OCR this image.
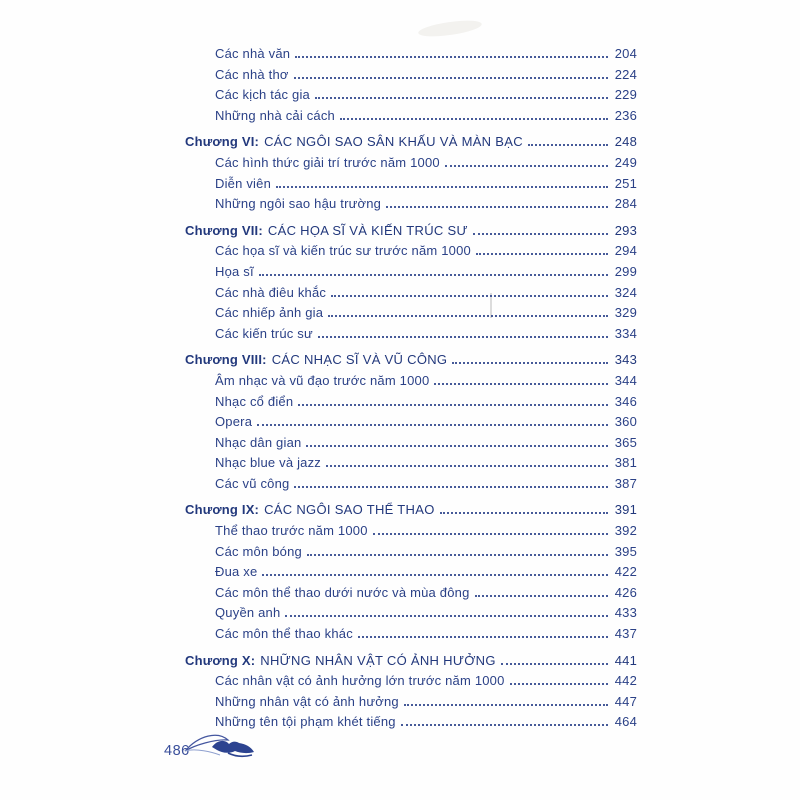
Các nhà văn	204
Các nhà thơ	224
Các kịch tác gia	229
Những nhà cải cách	236
Chương VI: CÁC NGÔI SAO SÂN KHẤU VÀ MÀN BẠC	248
Các hình thức giải trí trước năm 1000	249
Diễn viên	251
Những ngôi sao hậu trường	284
Chương VII: CÁC HỌA SĨ VÀ KIẾN TRÚC SƯ	293
Các họa sĩ và kiến trúc sư trước năm 1000	294
Họa sĩ	299
Các nhà điêu khắc	324
Các nhiếp ảnh gia	329
Các kiến trúc sư	334
Chương VIII: CÁC NHẠC SĨ VÀ VŨ CÔNG	343
Âm nhạc và vũ đạo trước năm 1000	344
Nhạc cổ điển	346
Opera	360
Nhạc dân gian	365
Nhạc blue và jazz	381
Các vũ công	387
Chương IX: CÁC NGÔI SAO THỂ THAO	391
Thể thao trước năm 1000	392
Các môn bóng	395
Đua xe	422
Các môn thể thao dưới nước và mùa đông	426
Quyền anh	433
Các môn thể thao khác	437
Chương X: NHỮNG NHÂN VẬT CÓ ẢNH HƯỞNG	441
Các nhân vật có ảnh hưởng lớn trước năm 1000	442
Những nhân vật có ảnh hưởng	447
Những tên tội phạm khét tiếng	464
486
